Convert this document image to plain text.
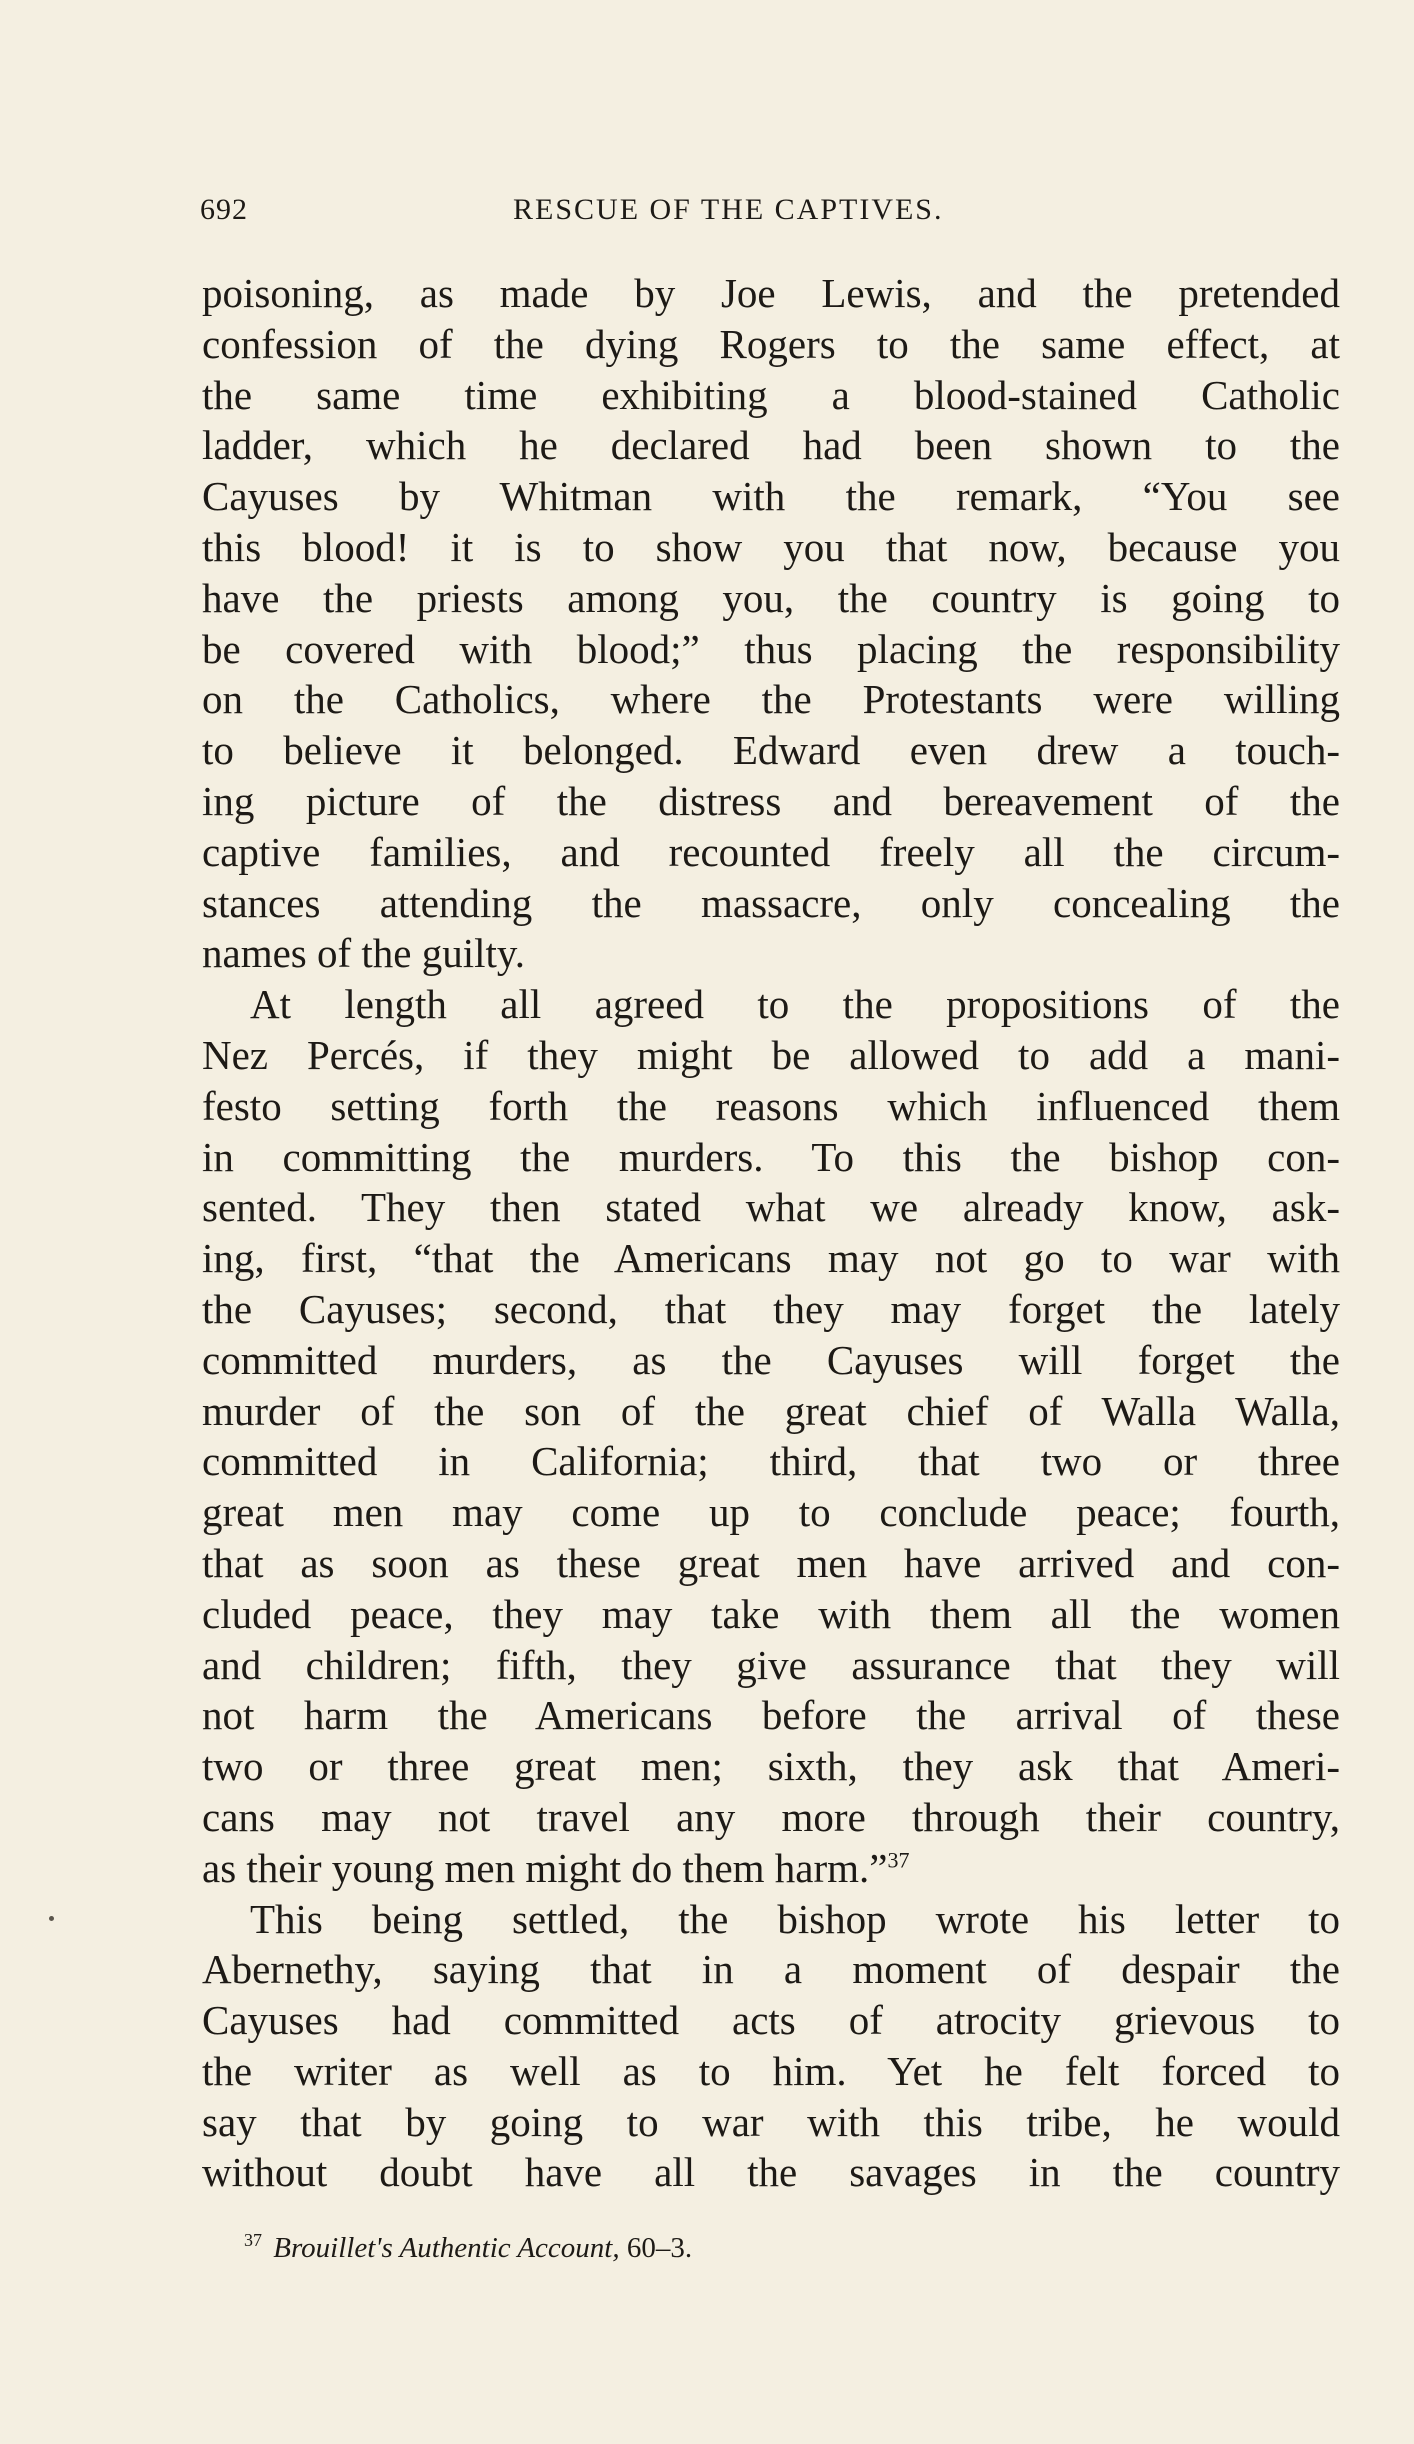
692	RESCUE OF THE CAPTIVES.
poisoning, as made by Joe Lewis, and the pretended
confession of the dying Rogers to the same effect, at
the same time exhibiting a blood-stained Catholic
ladder, which he declared had been shown to the
Cayuses by Whitman with the remark, “You see
this blood! it is to show you that now, because you
have the priests among you, the country is going to
be covered with blood;” thus placing the responsibility
on the Catholics, where the Protestants were willing
to believe it belonged. Edward even drew a touch-
ing picture of the distress and bereavement of the
captive families, and recounted freely all the circum-
stances attending the massacre, only concealing the
names of the guilty.
At length all agreed to the propositions of the
Nez Percés, if they might be allowed to add a mani-
festo setting forth the reasons which influenced them
in committing the murders. To this the bishop con-
sented. They then stated what we already know, ask-
ing, first, “that the Americans may not go to war with
the Cayuses; second, that they may forget the lately
committed murders, as the Cayuses will forget the
murder of the son of the great chief of Walla Walla,
committed in California; third, that two or three
great men may come up to conclude peace; fourth,
that as soon as these great men have arrived and con-
cluded peace, they may take with them all the women
and children; fifth, they give assurance that they will
not harm the Americans before the arrival of these
two or three great men; sixth, they ask that Ameri-
cans may not travel any more through their country,
as their young men might do them harm.”$^{37}$
This being settled, the bishop wrote his letter to
Abernethy, saying that in a moment of despair the
Cayuses had committed acts of atrocity grievous to
the writer as well as to him. Yet he felt forced to
say that by going to war with this tribe, he would
without doubt have all the savages in the country
$^{37}$ Brouillet's Authentic Account, 60–3.
